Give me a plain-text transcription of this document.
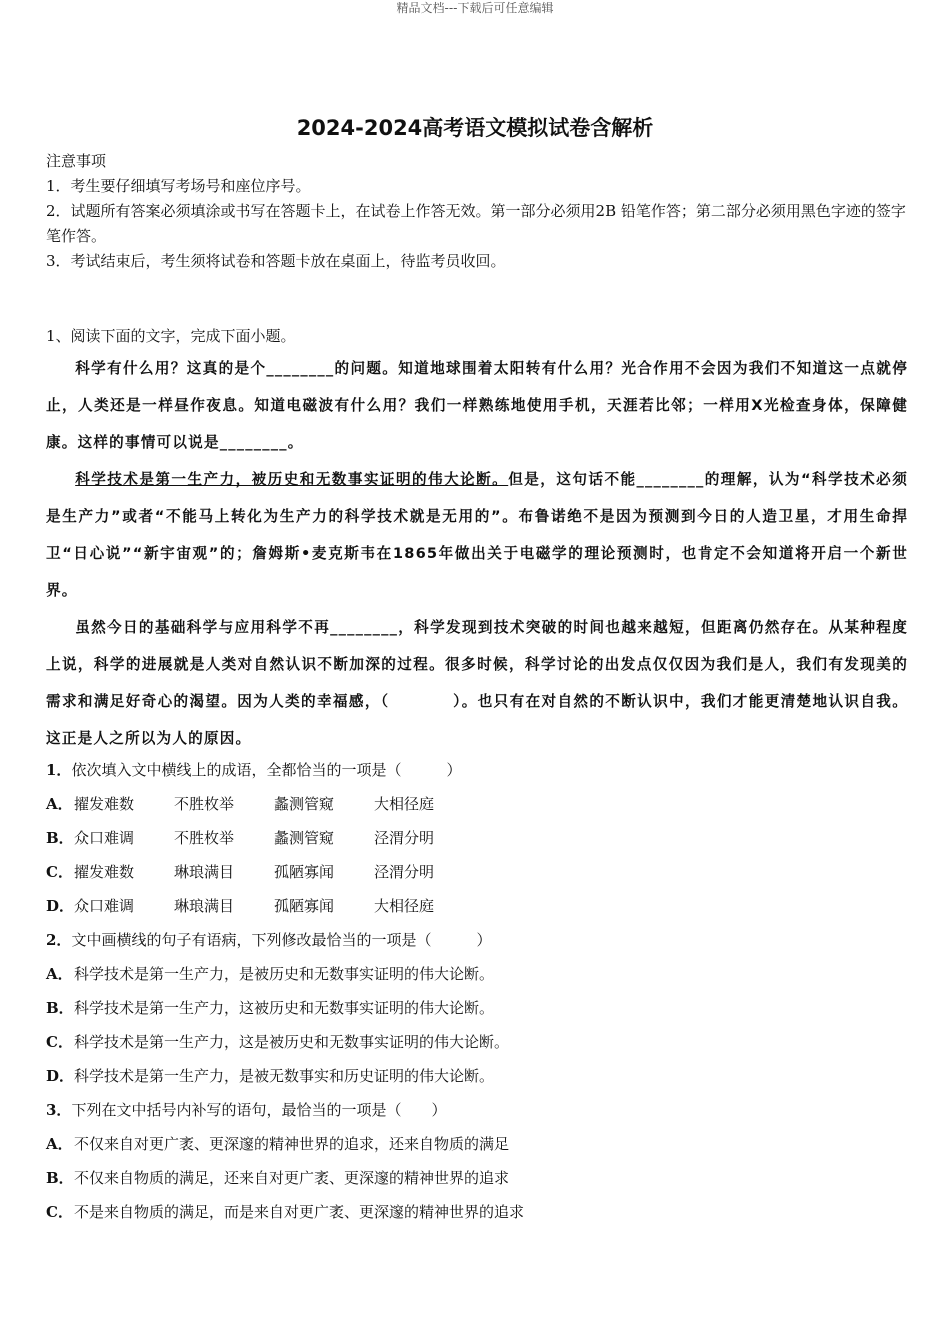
精品文档---下载后可任意编辑
2024-2024高考语文模拟试卷含解析

注意事项

1．考生要仔细填写考场号和座位序号。

2．试题所有答案必须填涂或书写在答题卡上，在试卷上作答无效。第一部分必须用2B 铅笔作答；第二部分必须用黑色字迹的签字笔作答。

3．考试结束后，考生须将试卷和答题卡放在桌面上，待监考员收回。

1、阅读下面的文字，完成下面小题。

科学有什么用？这真的是个________的问题。知道地球围着太阳转有什么用？光合作用不会因为我们不知道这一点就停止，人类还是一样昼作夜息。知道电磁波有什么用？我们一样熟练地使用手机，天涯若比邻；一样用X光检查身体，保障健康。这样的事情可以说是________。

科学技术是第一生产力，被历史和无数事实证明的伟大论断。但是，这句话不能________的理解，认为“科学技术必须是生产力”或者“不能马上转化为生产力的科学技术就是无用的”。布鲁诺绝不是因为预测到今日的人造卫星，才用生命捍卫“日心说”“新宇宙观”的；詹姆斯•麦克斯韦在1865年做出关于电磁学的理论预测时，也肯定不会知道将开启一个新世界。

虽然今日的基础科学与应用科学不再________，科学发现到技术突破的时间也越来越短，但距离仍然存在。从某种程度上说，科学的进展就是人类对自然认识不断加深的过程。很多时候，科学讨论的出发点仅仅因为我们是人，我们有发现美的需求和满足好奇心的渴望。因为人类的幸福感，（　　　　）。也只有在对自然的不断认识中，我们才能更清楚地认识自我。这正是人之所以为人的原因。

1．依次填入文中横线上的成语，全都恰当的一项是（　　　）

A．擢发难数	不胜枚举	蠡测管窥	大相径庭

B．众口难调	不胜枚举	蠡测管窥	泾渭分明

C．擢发难数	琳琅满目	孤陋寡闻	泾渭分明

D．众口难调	琳琅满目	孤陋寡闻	大相径庭

2．文中画横线的句子有语病，下列修改最恰当的一项是（　　　）

A．科学技术是第一生产力，是被历史和无数事实证明的伟大论断。

B．科学技术是第一生产力，这被历史和无数事实证明的伟大论断。

C．科学技术是第一生产力，这是被历史和无数事实证明的伟大论断。

D．科学技术是第一生产力，是被无数事实和历史证明的伟大论断。

3．下列在文中括号内补写的语句，最恰当的一项是（　　）

A．不仅来自对更广袤、更深邃的精神世界的追求，还来自物质的满足

B．不仅来自物质的满足，还来自对更广袤、更深邃的精神世界的追求

C．不是来自物质的满足，而是来自对更广袤、更深邃的精神世界的追求
